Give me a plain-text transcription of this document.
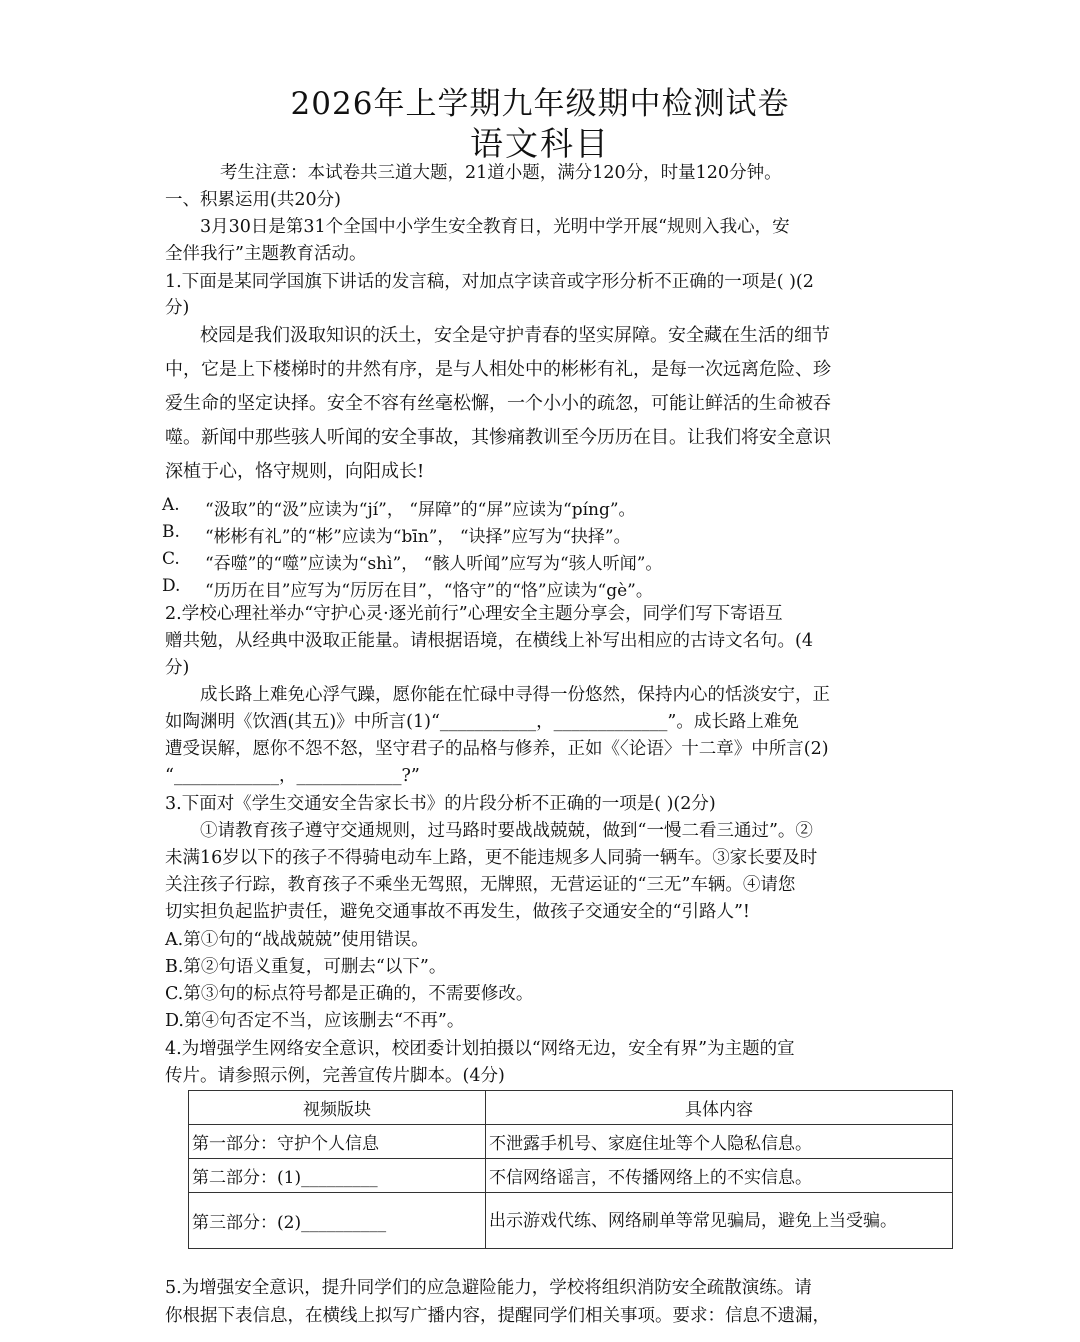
2026年上学期九年级期中检测试卷
语文科目
考生注意：本试卷共三道大题，21道小题，满分120分，时量120分钟。
一、积累运用(共20分)
3月30日是第31个全国中小学生安全教育日，光明中学开展“规则入我心，安
全伴我行”主题教育活动。
1.下面是某同学国旗下讲话的发言稿，对加点字读音或字形分析不正确的一项是( )(2
分)
校园是我们汲取知识的沃土，安全是守护青春的坚实屏障。安全藏在生活的细节
中，它是上下楼梯时的井然有序，是与人相处中的彬彬有礼，是每一次远离危险、珍
爱生命的坚定诀择。安全不容有丝毫松懈，一个小小的疏忽，可能让鲜活的生命被吞
噬。新闻中那些骇人听闻的安全事故，其惨痛教训至今历历在目。让我们将安全意识
深植于心，恪守规则，向阳成长!
A. “汲取”的“汲”应读为“jí”， “屏障”的“屏”应读为“píng”。
B. “彬彬有礼”的“彬”应读为“bīn”， “诀择”应写为“抉择”。
C. “吞噬”的“噬”应读为“shì”， “骸人听闻”应写为“骇人听闻”。
D. “历历在目”应写为“厉厉在目”，“恪守”的“恪”应读为“gè”。
2.学校心理社举办“守护心灵·逐光前行”心理安全主题分享会，同学们写下寄语互
赠共勉，从经典中汲取正能量。请根据语境，在横线上补写出相应的古诗文名句。(4
分)
成长路上难免心浮气躁，愿你能在忙碌中寻得一份悠然，保持内心的恬淡安宁，正
如陶渊明《饮酒(其五)》中所言(1)“___________，_____________”。成长路上难免
遭受误解，愿你不怨不怒，坚守君子的品格与修养，正如《〈论语〉十二章》中所言(2)
“____________，____________?”
3.下面对《学生交通安全告家长书》的片段分析不正确的一项是( )(2分)
①请教育孩子遵守交通规则，过马路时要战战兢兢，做到“一慢二看三通过”。②
未满16岁以下的孩子不得骑电动车上路，更不能违规多人同骑一辆车。③家长要及时
关注孩子行踪，教育孩子不乘坐无驾照，无牌照，无营运证的“三无”车辆。④请您
切实担负起监护责任，避免交通事故不再发生，做孩子交通安全的“引路人”!
A.第①句的“战战兢兢”使用错误。
B.第②句语义重复，可删去“以下”。
C.第③句的标点符号都是正确的，不需要修改。
D.第④句否定不当，应该删去“不再”。
4.为增强学生网络安全意识，校团委计划拍摄以“网络无边，安全有界”为主题的宣
传片。请参照示例，完善宣传片脚本。(4分)
视频版块	具体内容
第一部分：守护个人信息	不泄露手机号、家庭住址等个人隐私信息。
第二部分：(1)_________	不信网络谣言，不传播网络上的不实信息。
第三部分：(2)__________	出示游戏代练、网络刷单等常见骗局，避免上当受骗。
5.为增强安全意识，提升同学们的应急避险能力，学校将组织消防安全疏散演练。请
你根据下表信息，在横线上拟写广播内容，提醒同学们相关事项。要求：信息不遗漏，
